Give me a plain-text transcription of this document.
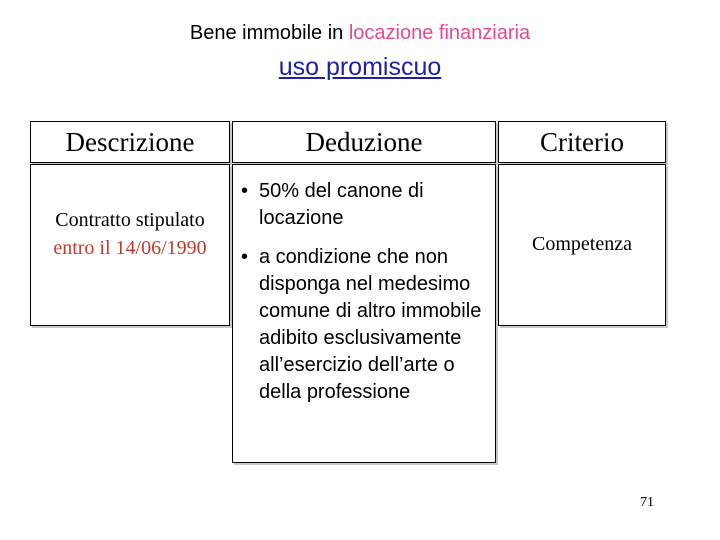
Bene immobile in locazione finanziaria
uso promiscuo
Descrizione	Deduzione	Criterio
Contratto stipulato
entro il 14/06/1990
• 50% del canone di locazione
• a condizione che non disponga nel medesimo comune di altro immobile adibito esclusivamente all’esercizio dell’arte o della professione
Competenza
71
